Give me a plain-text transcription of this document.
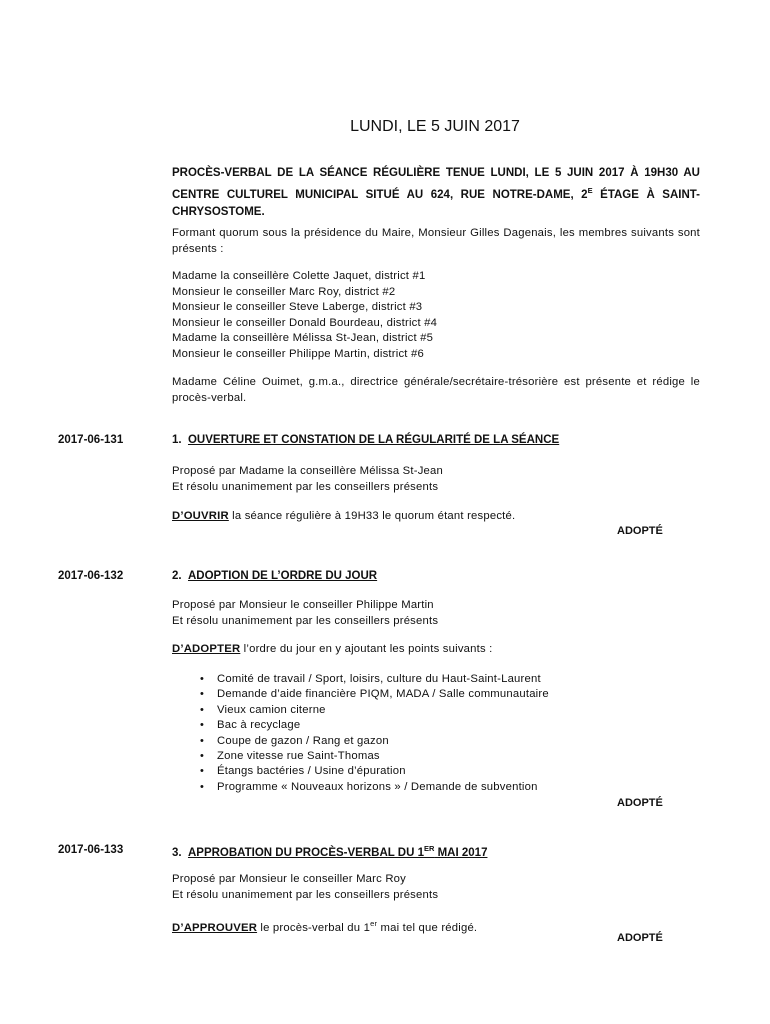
LUNDI, LE 5 JUIN 2017
PROCÈS-VERBAL DE LA SÉANCE RÉGULIÈRE TENUE LUNDI, LE 5 JUIN 2017 À 19H30 AU CENTRE CULTUREL MUNICIPAL SITUÉ AU 624, RUE NOTRE-DAME, $2^E$ ÉTAGE À SAINT-CHRYSOSTOME.
Formant quorum sous la présidence du Maire, Monsieur Gilles Dagenais, les membres suivants sont présents :
Madame la conseillère Colette Jaquet, district #1
Monsieur le conseiller Marc Roy, district #2
Monsieur le conseiller Steve Laberge, district #3
Monsieur le conseiller Donald Bourdeau, district #4
Madame la conseillère Mélissa St-Jean, district #5
Monsieur le conseiller Philippe Martin, district #6
Madame Céline Ouimet, g.m.a., directrice générale/secrétaire-trésorière est présente et rédige le procès-verbal.
2017-06-131	1. OUVERTURE ET CONSTATION DE LA RÉGULARITÉ DE LA SÉANCE
Proposé par Madame la conseillère Mélissa St-Jean
Et résolu unanimement par les conseillers présents
D’OUVRIR la séance régulière à 19H33 le quorum étant respecté.
ADOPTÉ
2017-06-132	2. ADOPTION DE L’ORDRE DU JOUR
Proposé par Monsieur le conseiller Philippe Martin
Et résolu unanimement par les conseillers présents
D’ADOPTER l’ordre du jour en y ajoutant les points suivants :
• Comité de travail / Sport, loisirs, culture du Haut-Saint-Laurent
• Demande d’aide financière PIQM, MADA / Salle communautaire
• Vieux camion citerne
• Bac à recyclage
• Coupe de gazon / Rang et gazon
• Zone vitesse rue Saint-Thomas
• Étangs bactéries / Usine d’épuration
• Programme « Nouveaux horizons » / Demande de subvention
ADOPTÉ
2017-06-133	3. APPROBATION DU PROCÈS-VERBAL DU 1ER MAI 2017
Proposé par Monsieur le conseiller Marc Roy
Et résolu unanimement par les conseillers présents
D’APPROUVER le procès-verbal du 1er mai tel que rédigé.
ADOPTÉ
